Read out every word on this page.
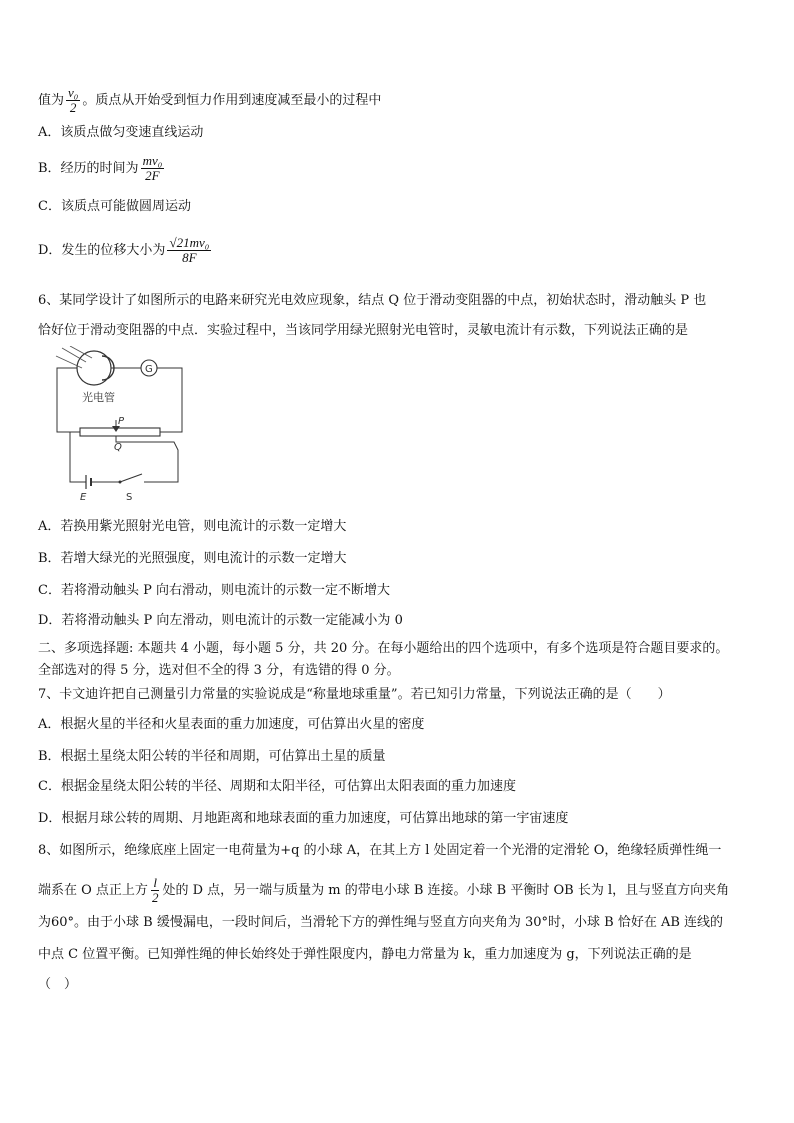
值为 $\frac{\text{v₀}}{2}$ 。质点从开始受到恒力作用到速度减至最小的过程中
A．该质点做匀变速直线运动
B．经历的时间为 $\frac{\text{mv₀}}{2F}$
C．该质点可能做圆周运动
D．发生的位移大小为 $\frac{\text{√21mv₀}}{8F}$
6、某同学设计了如图所示的电路来研究光电效应现象，结点 Q 位于滑动变阻器的中点，初始状态时，滑动触头 P 也
恰好位于滑动变阻器的中点．实验过程中，当该同学用绿光照射光电管时，灵敏电流计有示数，下列说法正确的是
光电管
G
P
Q
E	S
A．若换用紫光照射光电管，则电流计的示数一定增大
B．若增大绿光的光照强度，则电流计的示数一定增大
C．若将滑动触头 P 向右滑动，则电流计的示数一定不断增大
D．若将滑动触头 P 向左滑动，则电流计的示数一定能减小为 0
二、多项选择题: 本题共 4 小题，每小题 5 分，共 20 分。在每小题给出的四个选项中，有多个选项是符合题目要求的。
全部选对的得 5 分，选对但不全的得 3 分，有选错的得 0 分。
7、卡文迪许把自己测量引力常量的实验说成是“称量地球重量”。若已知引力常量，下列说法正确的是（　　）
A．根据火星的半径和火星表面的重力加速度，可估算出火星的密度
B．根据土星绕太阳公转的半径和周期，可估算出土星的质量
C．根据金星绕太阳公转的半径、周期和太阳半径，可估算出太阳表面的重力加速度
D．根据月球公转的周期、月地距离和地球表面的重力加速度，可估算出地球的第一宇宙速度
8、如图所示，绝缘底座上固定一电荷量为+q 的小球 A，在其上方 l 处固定着一个光滑的定滑轮 O，绝缘轻质弹性绳一
端系在 O 点正上方 $\frac{l}{2}$ 处的 D 点，另一端与质量为 m 的带电小球 B 连接。小球 B 平衡时 OB 长为 l，且与竖直方向夹角
为60°。由于小球 B 缓慢漏电，一段时间后，当滑轮下方的弹性绳与竖直方向夹角为 30°时，小球 B 恰好在 AB 连线的
中点 C 位置平衡。已知弹性绳的伸长始终处于弹性限度内，静电力常量为 k，重力加速度为 g，下列说法正确的是
（　）
